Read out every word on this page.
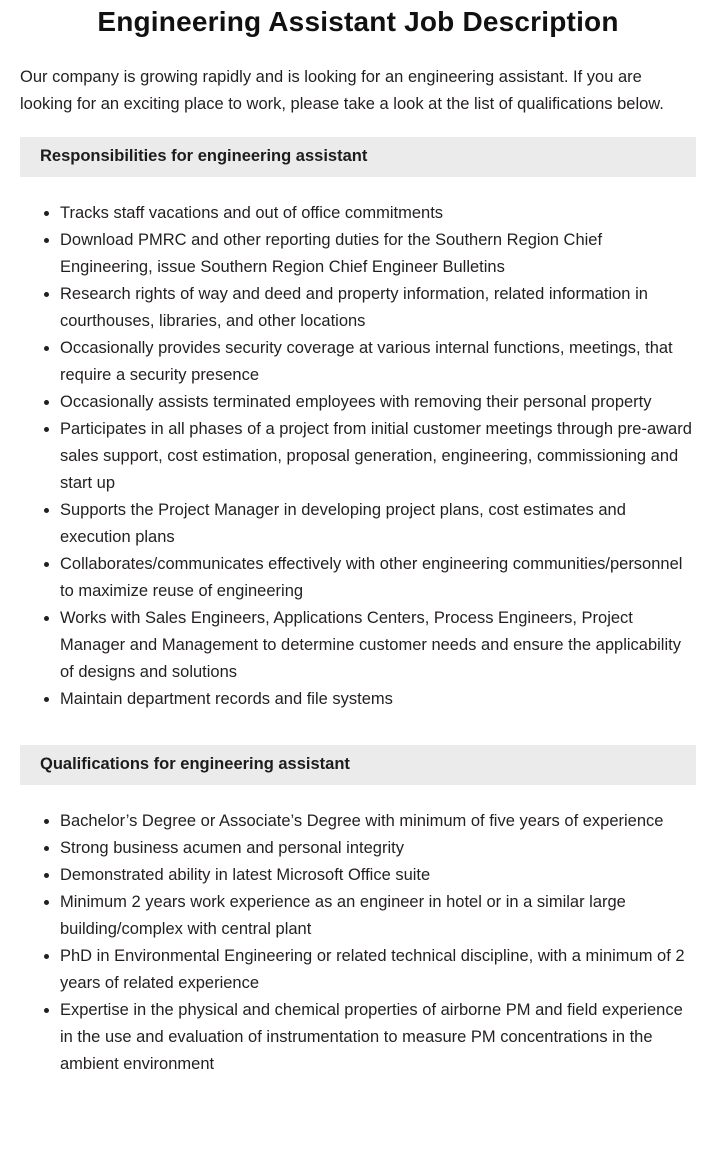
Engineering Assistant Job Description

Our company is growing rapidly and is looking for an engineering assistant. If you are looking for an exciting place to work, please take a look at the list of qualifications below.

Responsibilities for engineering assistant
Tracks staff vacations and out of office commitments
Download PMRC and other reporting duties for the Southern Region Chief Engineering, issue Southern Region Chief Engineer Bulletins
Research rights of way and deed and property information, related information in courthouses, libraries, and other locations
Occasionally provides security coverage at various internal functions, meetings, that require a security presence
Occasionally assists terminated employees with removing their personal property
Participates in all phases of a project from initial customer meetings through pre-award sales support, cost estimation, proposal generation, engineering, commissioning and start up
Supports the Project Manager in developing project plans, cost estimates and execution plans
Collaborates/communicates effectively with other engineering communities/personnel to maximize reuse of engineering
Works with Sales Engineers, Applications Centers, Process Engineers, Project Manager and Management to determine customer needs and ensure the applicability of designs and solutions
Maintain department records and file systems
Qualifications for engineering assistant
Bachelor’s Degree or Associate’s Degree with minimum of five years of experience
Strong business acumen and personal integrity
Demonstrated ability in latest Microsoft Office suite
Minimum 2 years work experience as an engineer in hotel or in a similar large building/complex with central plant
PhD in Environmental Engineering or related technical discipline, with a minimum of 2 years of related experience
Expertise in the physical and chemical properties of airborne PM and field experience in the use and evaluation of instrumentation to measure PM concentrations in the ambient environment
